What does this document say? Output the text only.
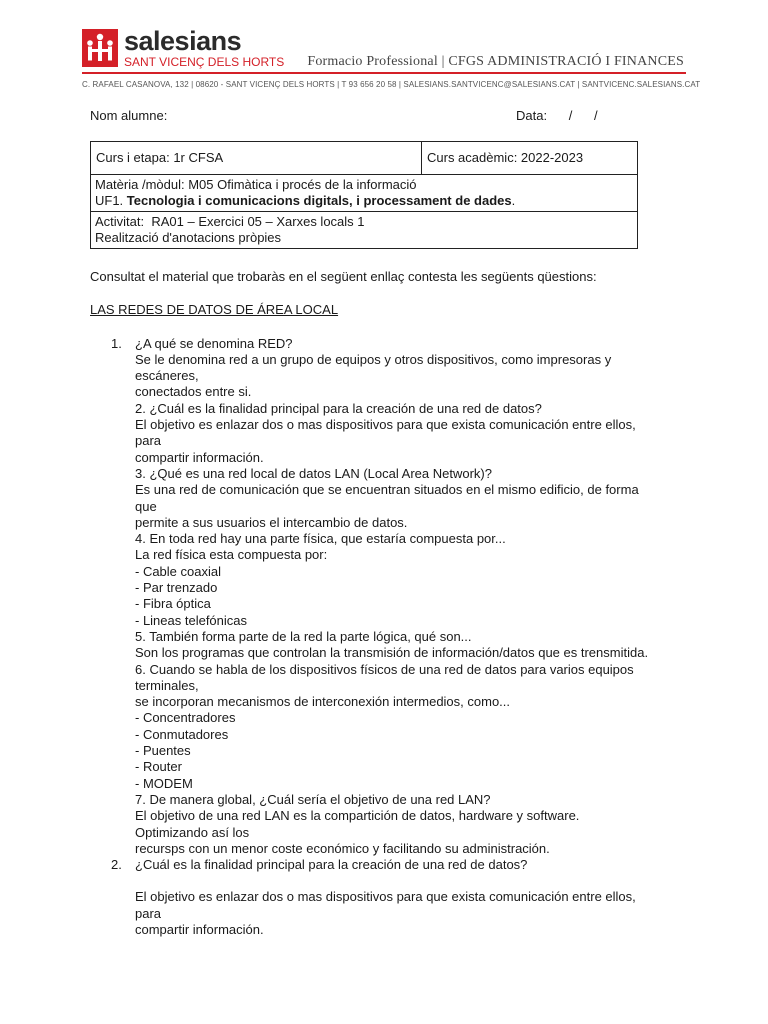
salesians
SANT VICENÇ DELS HORTS Formacio Professional | CFGS ADMINISTRACIÓ I FINANCES
C. RAFAEL CASANOVA, 132 | 08620 - SANT VICENÇ DELS HORTS | T 93 656 20 58 | SALESIANS.SANTVICENC@SALESIANS.CAT | SANTVICENC.SALESIANS.CAT
Nom alumne:	Data:      /      /
Curs i etapa: 1r CFSA	Curs acadèmic: 2022-2023

Matèria /mòdul: M05 Ofimàtica i procés de la informació
UF1. Tecnologia i comunicacions digitals, i processament de dades.

Activitat:  RA01 – Exercici 05 – Xarxes locals 1
Realització d'anotacions pròpies

Consultat el material que trobaràs en el següent enllaç contesta les següents qüestions:

LAS REDES DE DATOS DE ÁREA LOCAL

1. ¿A qué se denomina RED?
Se le denomina red a un grupo de equipos y otros dispositivos, como impresoras y
escáneres,
conectados entre si.
2. ¿Cuál es la finalidad principal para la creación de una red de datos?
El objetivo es enlazar dos o mas dispositivos para que exista comunicación entre ellos,
para
compartir información.
3. ¿Qué es una red local de datos LAN (Local Area Network)?
Es una red de comunicación que se encuentran situados en el mismo edificio, de forma
que
permite a sus usuarios el intercambio de datos.
4. En toda red hay una parte física, que estaría compuesta por...
La red física esta compuesta por:
- Cable coaxial
- Par trenzado
- Fibra óptica
- Lineas telefónicas
5. También forma parte de la red la parte lógica, qué son...
Son los programas que controlan la transmisión de información/datos que es trensmitida.
6. Cuando se habla de los dispositivos físicos de una red de datos para varios equipos
terminales,
se incorporan mecanismos de interconexión intermedios, como...
- Concentradores
- Conmutadores
- Puentes
- Router
- MODEM
7. De manera global, ¿Cuál sería el objetivo de una red LAN?
El objetivo de una red LAN es la compartición de datos, hardware y software.
Optimizando así los
recursps con un menor coste económico y facilitando su administración.
2. ¿Cuál es la finalidad principal para la creación de una red de datos?
El objetivo es enlazar dos o mas dispositivos para que exista comunicación entre ellos,
para
compartir información.
